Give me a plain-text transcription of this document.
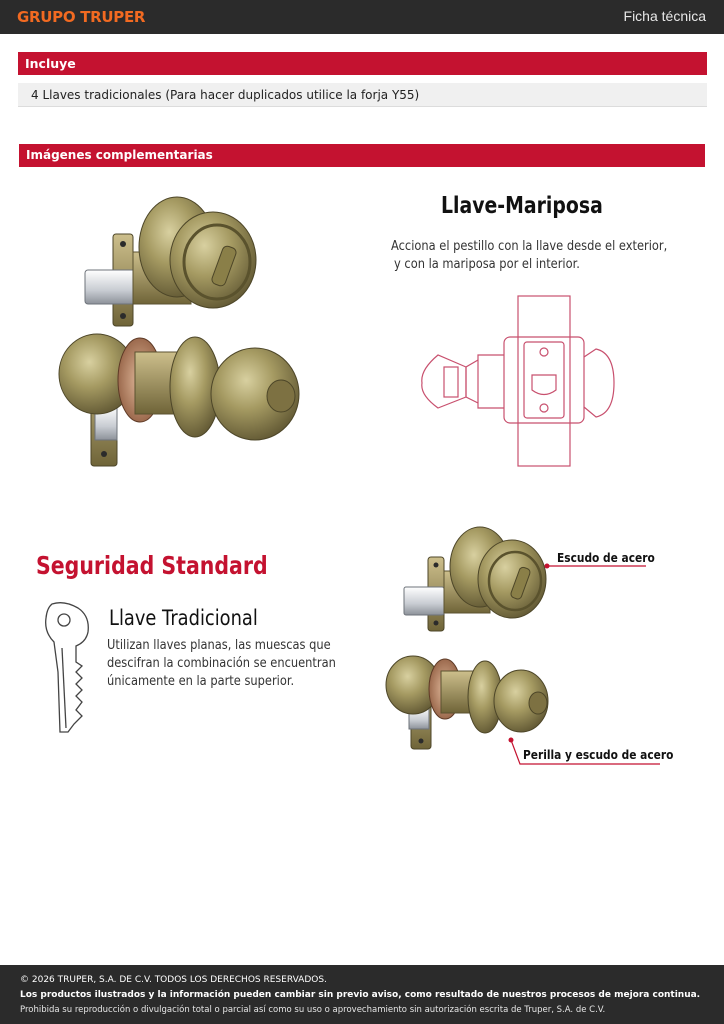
GRUPO TRUPER	Ficha técnica
Incluye
4 Llaves tradicionales (Para hacer duplicados utilice la forja Y55)
Imágenes complementarias
Llave-Mariposa
Acciona el pestillo con la llave desde el exterior,
y con la mariposa por el interior.
Seguridad Standard
Llave Tradicional
Utilizan llaves planas, las muescas que
descifran la combinación se encuentran
únicamente en la parte superior.
Escudo de acero
Perilla y escudo de acero
© 2026 TRUPER, S.A. DE C.V. TODOS LOS DERECHOS RESERVADOS.
Los productos ilustrados y la información pueden cambiar sin previo aviso, como resultado de nuestros procesos de mejora continua.
Prohibida su reproducción o divulgación total o parcial así como su uso o aprovechamiento sin autorización escrita de Truper, S.A. de C.V.
